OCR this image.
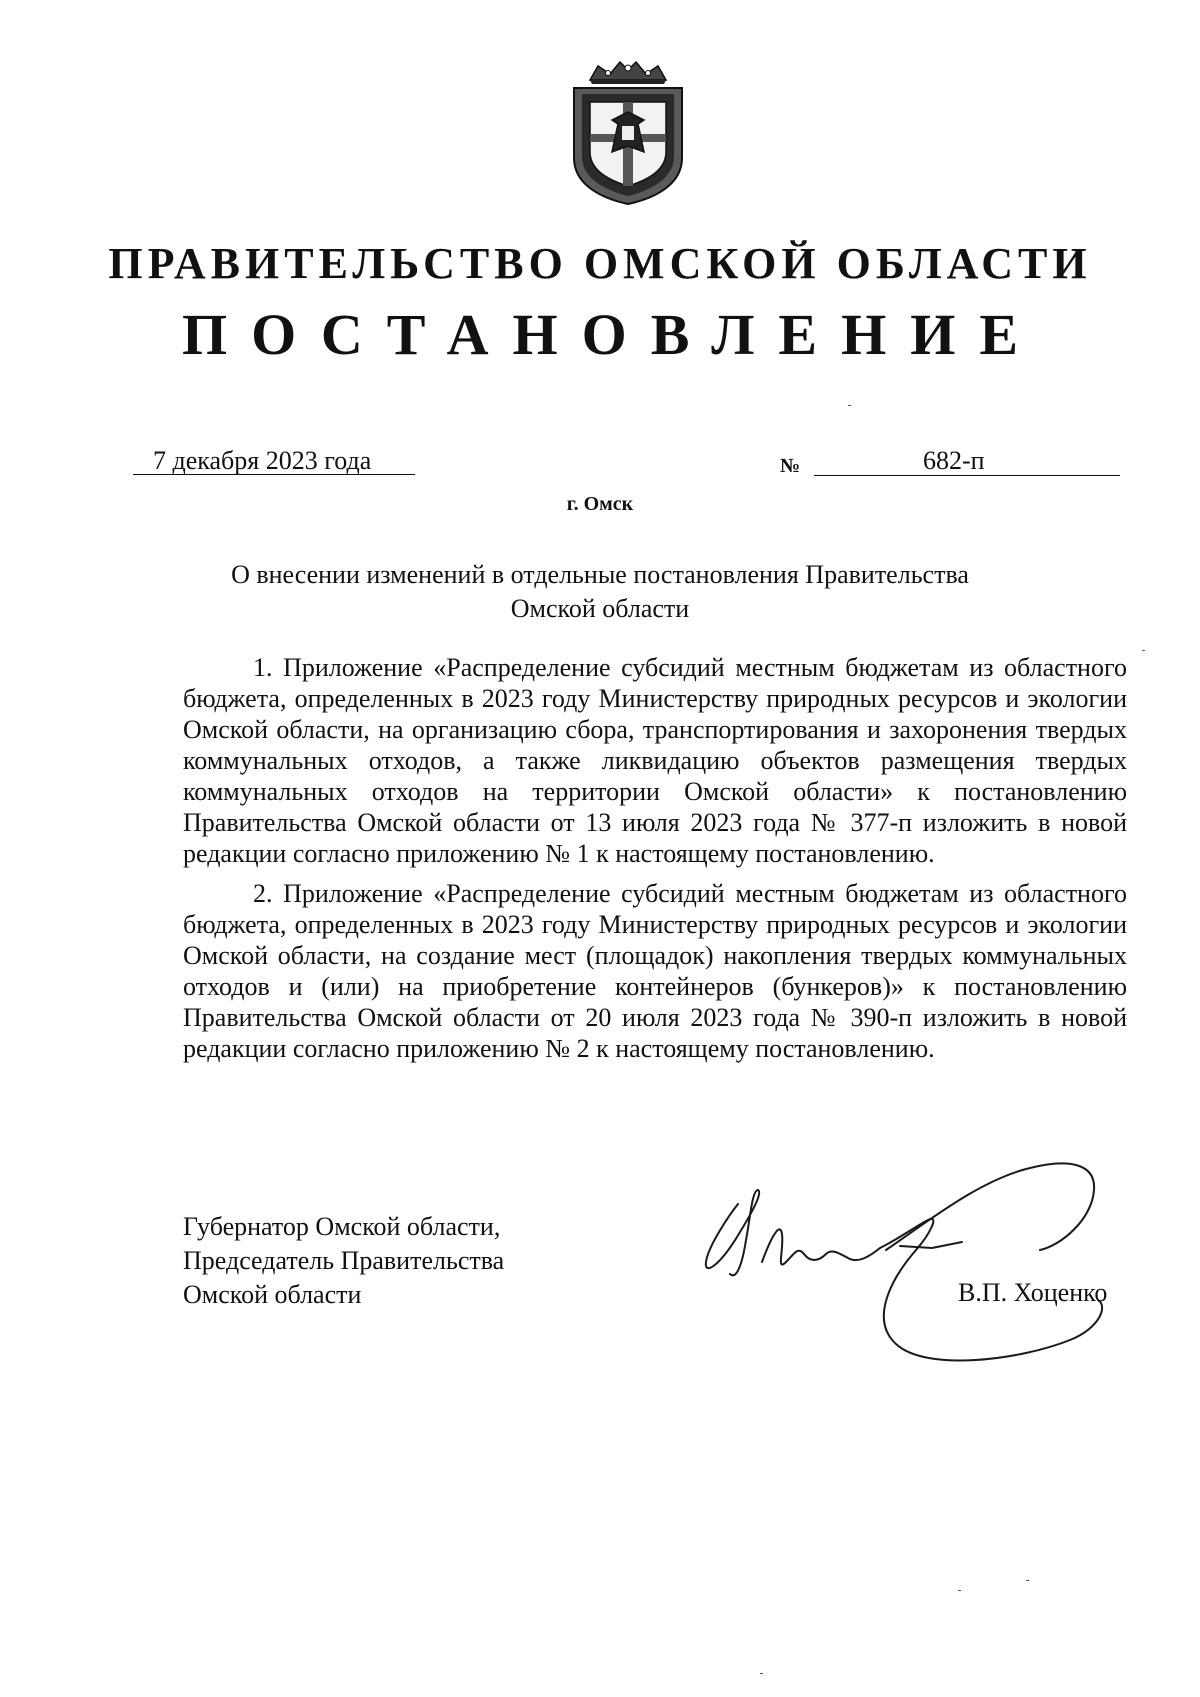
ПРАВИТЕЛЬСТВО ОМСКОЙ ОБЛАСТИ
ПОСТАНОВЛЕНИЕ
7 декабря 2023 года	№	682-п
г. Омск
О внесении изменений в отдельные постановления Правительства
Омской области

1. Приложение «Распределение субсидий местным бюджетам из областного бюджета, определенных в 2023 году Министерству природных ресурсов и экологии Омской области, на организацию сбора, транспортирования и захоронения твердых коммунальных отходов, а также ликвидацию объектов размещения твердых коммунальных отходов на территории Омской области» к постановлению Правительства Омской области от 13 июля 2023 года № 377-п изложить в новой редакции согласно приложению № 1 к настоящему постановлению.

2. Приложение «Распределение субсидий местным бюджетам из областного бюджета, определенных в 2023 году Министерству природных ресурсов и экологии Омской области, на создание мест (площадок) накопления твердых коммунальных отходов и (или) на приобретение контейнеров (бункеров)» к постановлению Правительства Омской области от 20 июля 2023 года № 390-п изложить в новой редакции согласно приложению № 2 к настоящему постановлению.

Губернатор Омской области,
Председатель Правительства
Омской области	В.П. Хоценко
